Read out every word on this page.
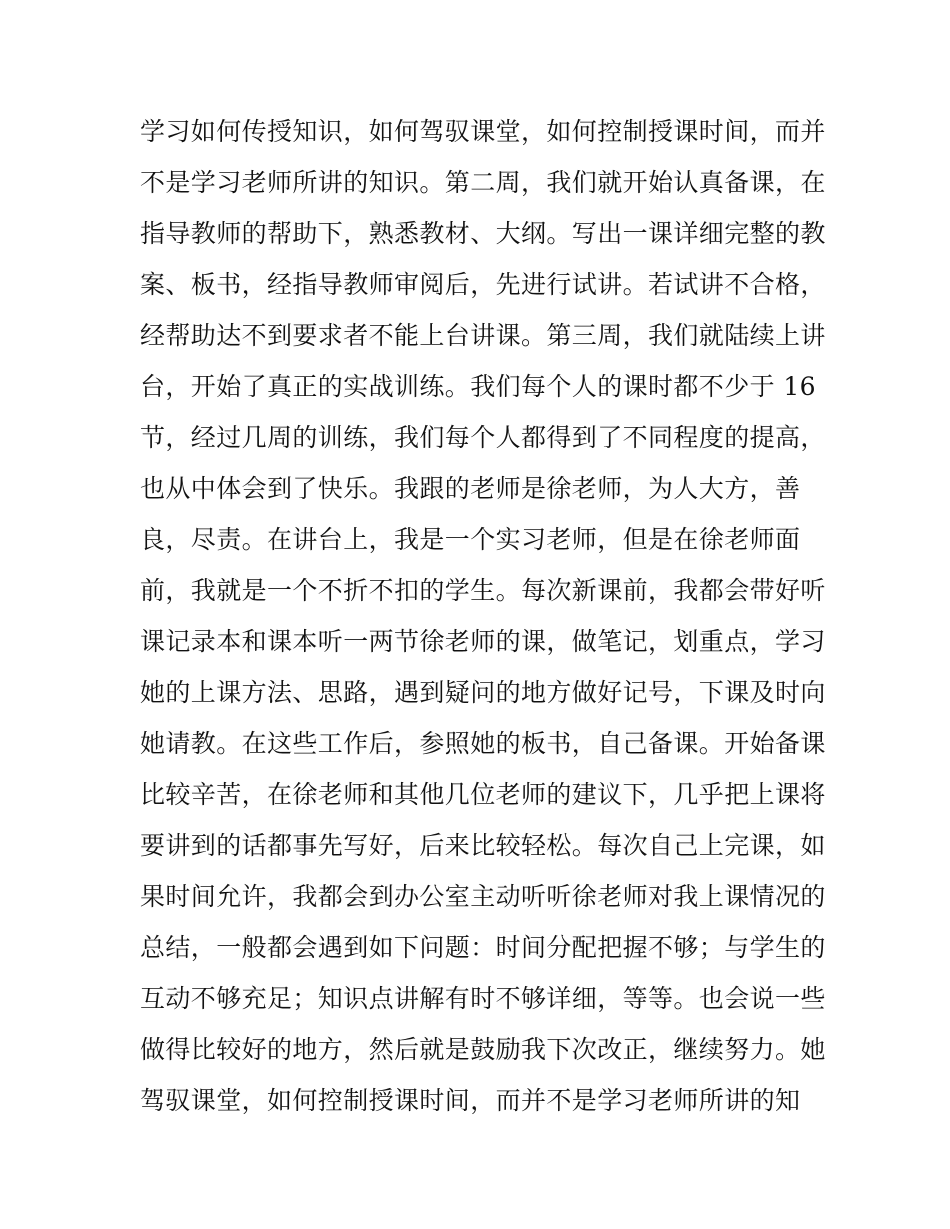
学习如何传授知识，如何驾驭课堂，如何控制授课时间，而并
不是学习老师所讲的知识。第二周，我们就开始认真备课，在
指导教师的帮助下，熟悉教材、大纲。写出一课详细完整的教
案、板书，经指导教师审阅后，先进行试讲。若试讲不合格，
经帮助达不到要求者不能上台讲课。第三周，我们就陆续上讲
台，开始了真正的实战训练。我们每个人的课时都不少于 16
节，经过几周的训练，我们每个人都得到了不同程度的提高，
也从中体会到了快乐。我跟的老师是徐老师，为人大方，善
良，尽责。在讲台上，我是一个实习老师，但是在徐老师面
前，我就是一个不折不扣的学生。每次新课前，我都会带好听
课记录本和课本听一两节徐老师的课，做笔记，划重点，学习
她的上课方法、思路，遇到疑问的地方做好记号，下课及时向
她请教。在这些工作后，参照她的板书，自己备课。开始备课
比较辛苦，在徐老师和其他几位老师的建议下，几乎把上课将
要讲到的话都事先写好，后来比较轻松。每次自己上完课，如
果时间允许，我都会到办公室主动听听徐老师对我上课情况的
总结，一般都会遇到如下问题：时间分配把握不够；与学生的
互动不够充足；知识点讲解有时不够详细，等等。也会说一些
做得比较好的地方，然后就是鼓励我下次改正，继续努力。她
驾驭课堂，如何控制授课时间，而并不是学习老师所讲的知
